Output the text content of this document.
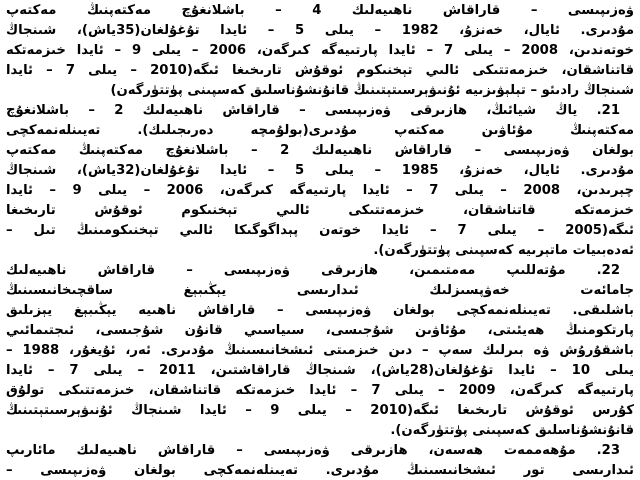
ۋەزىپىسى – قاراقاش ناھىيەلىك 4 – باشلانغۇچ مەكتەپنىڭ مەكتەپ
مۇدىرى. ئايال، خەنزۇ، 1982 – يىلى 5 – ئايدا تۇغۇلغان(35ياش)، شىنجاڭ
خوتەندىن، 2008 – يىلى 7 – ئايدا پارتىيەگە كىرگەن، 2006 – يىلى 9 – ئايدا خىزمەتكە
قاتناشقان، خىزمەتتىكى ئالىي تېخنىكوم ئوقۇش تارىخىغا ئىگە(2010 – يىلى 7 – ئايدا
شىنجاڭ رادىئو – تېلېۋىزىيە ئۇنىۋېرسىتېتىنىڭ قانۇنشۇناسلىق كەسپىنى پۈتتۈرگەن)
21. ياڭ شيائىڭ، ھازىرقى ۋەزىپىسى – قاراقاش ناھىيەلىك 2 – باشلانغۇچ
مەكتەپنىڭ مۇئاۋىن مەكتەپ مۇدىرى(بولۇمچە دەرىجىلىك). تەيىنلەنمەكچى
بولغان ۋەزىپىسى – قاراقاش ناھىيەلىك 2 – باشلانغۇچ مەكتەپنىڭ مەكتەپ
مۇدىرى. ئايال، خەنزۇ، 1985 – يىلى 5 – ئايدا تۇغۇلغان(32ياش)، شىنجاڭ
چېرىدىن، 2008 – يىلى 7 – ئايدا پارتىيەگە كىرگەن، 2006 – يىلى 9 – ئايدا
خىزمەتكە قاتناشقان، خىزمەتتىكى ئالىي تېخنىكوم ئوقۇش تارىخىغا
ئىگە(2005 – يىلى 7 – ئايدا خوتەن پېداگوگىكا ئالىي تېخنىكومىنىڭ تىل –
ئەدەبىيات ماتېرىيە كەسپىنى پۈتتۈرگەن).
22. مۇتەللىپ مەمتىمىن، ھازىرقى ۋەزىپىسى – قاراقاش ناھىيەلىك
جامائەت خەۋپسىزلىك ئىدارىسى يېڭىبېغ ساقچىخانىسىنىڭ
باشلىقى. تەيىنلەنمەكچى بولغان ۋەزىپىسى – قاراقاش ناھىيە يېڭىبېغ يېزىلىق
پارتكومنىڭ ھەيئىتى، مۇئاۋىن شۇجىسى، سىياسىي قانۇن شۇجىسى، ئىجتىمائىي
باشقۇرۇش ۋە بىرلىك سەپ – دىن خىزمىتى ئىشخانىسىنىڭ مۇدىرى. ئەر، ئۇيغۇر، 1988 –
يىلى 10 – ئايدا تۇغۇلغان(28ياش)، شىنجاڭ قاراقاشتىن، 2011 – يىلى 7 – ئايدا
پارتىيەگە كىرگەن، 2009 – يىلى 7 – ئايدا خىزمەتكە قاتناشقان، خىزمەتتىكى تولۇق
كۇرس ئوقۇش تارىخىغا ئىگە(2010 – يىلى 9 – ئايدا شىنجاڭ ئۇنىۋېرسىتېتىنىڭ
قانۇنشۇناسلىق كەسپىنى پۈتتۈرگەن).
23. مۇھەممەت ھەسەن، ھازىرقى ۋەزىپىسى – قاراقاش ناھىيەلىك مائارىپ
ئىدارىسى تور ئىشخانىسىنىڭ مۇدىرى. تەيىنلەنمەكچى بولغان ۋەزىپىسى –
